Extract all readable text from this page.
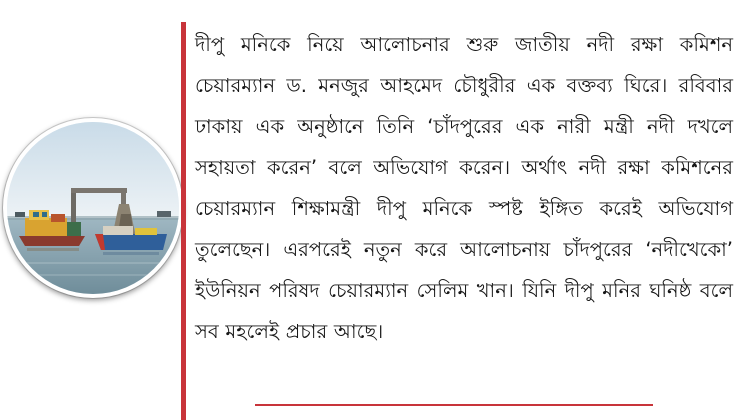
দীপু মনিকে নিয়ে আলোচনার শুরু জাতীয় নদী রক্ষা কমিশন চেয়ারম্যান ড. মনজুর আহমেদ চৌধুরীর এক বক্তব্য ঘিরে। রবিবার ঢাকায় এক অনুষ্ঠানে তিনি ‘চাঁদপুরের এক নারী মন্ত্রী নদী দখলে সহায়তা করেন’ বলে অভিযোগ করেন। অর্থাৎ নদী রক্ষা কমিশনের চেয়ারম্যান শিক্ষামন্ত্রী দীপু মনিকে স্পষ্ট ইঙ্গিত করেই অভিযোগ তুলেছেন। এরপরেই নতুন করে আলোচনায় চাঁদপুরের ‘নদীখেকো’ ইউনিয়ন পরিষদ চেয়ারম্যান সেলিম খান। যিনি দীপু মনির ঘনিষ্ঠ বলে সব মহলেই প্রচার আছে।
